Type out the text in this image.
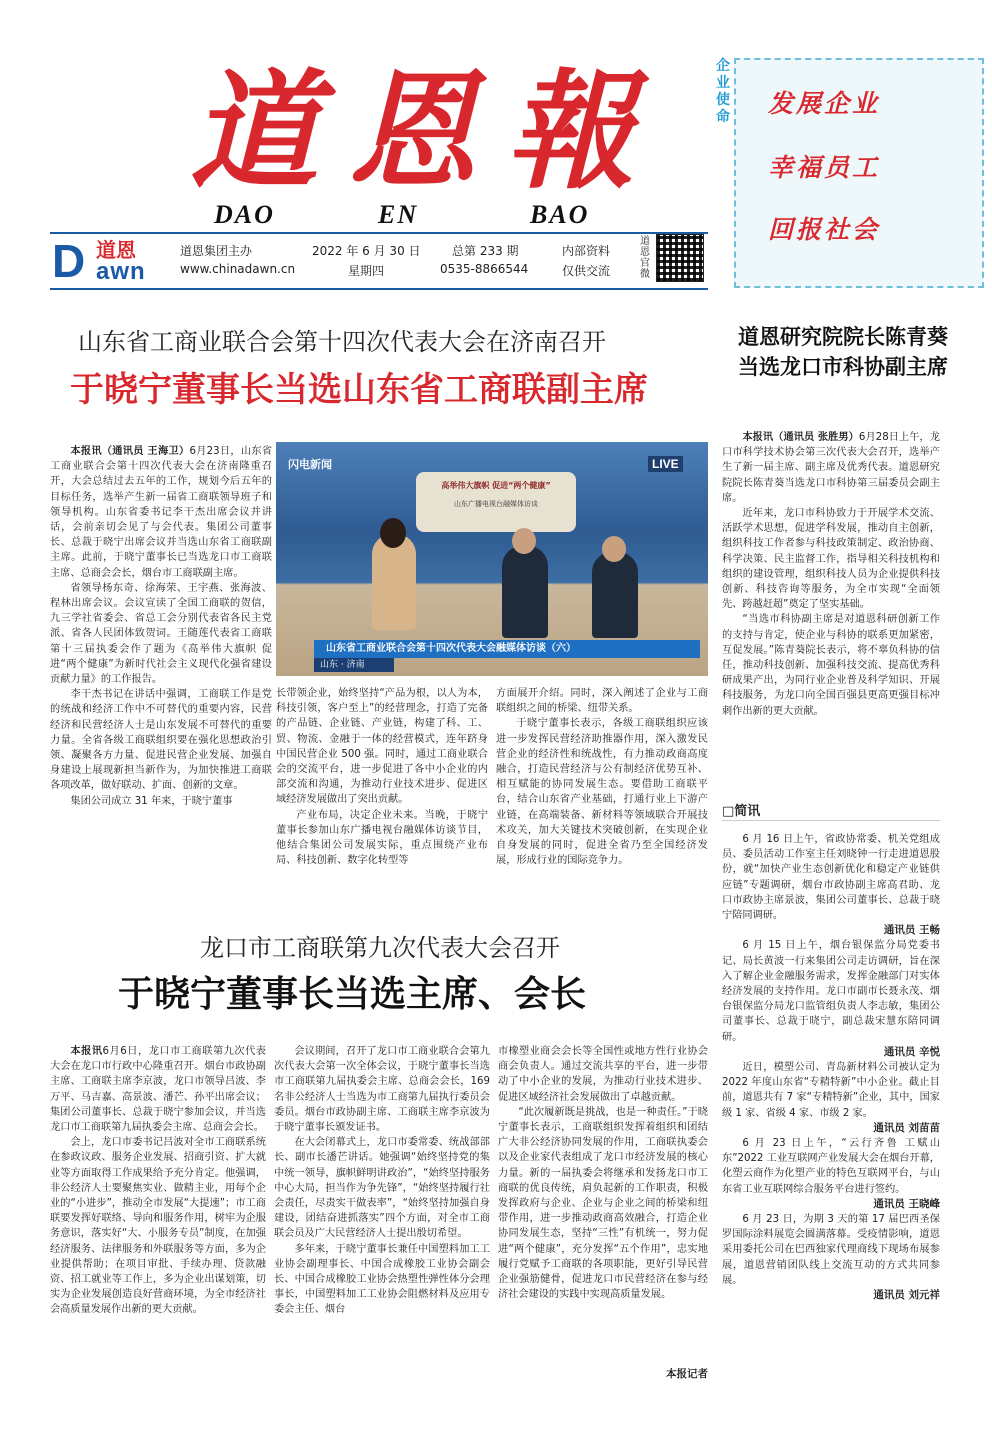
道恩報
DAO	EN	BAO
企业使命 发展企业
幸福员工
回报社会
D 道恩
awn
道恩集团主办
www.chinadawn.cn
2022 年 6 月 30 日
星期四
总第 233 期
0535-8866544
内部资料
仅供交流
道恩官微
山东省工商业联合会第十四次代表大会在济南召开
于晓宁董事长当选山东省工商联副主席

本报讯（通讯员 王海卫）6月23日，山东省工商业联合会第十四次代表大会在济南隆重召开，大会总结过去五年的工作，规划今后五年的目标任务，选举产生新一届省工商联领导班子和领导机构。山东省委书记李干杰出席会议并讲话，会前亲切会见了与会代表。集团公司董事长、总裁于晓宁出席会议并当选山东省工商联副主席。此前，于晓宁董事长已当选龙口市工商联主席、总商会会长，烟台市工商联副主席。

省领导杨东奇、徐海荣、王宇燕、张海波、程林出席会议。会议宣读了全国工商联的贺信，九三学社省委会、省总工会分别代表省各民主党派、省各人民团体致贺词。王随莲代表省工商联第十三届执委会作了题为《高举伟大旗帜 促进“两个健康”为新时代社会主义现代化强省建设贡献力量》的工作报告。

李干杰书记在讲话中强调，工商联工作是党的统战和经济工作中不可替代的重要内容，民营经济和民营经济人士是山东发展不可替代的重要力量。全省各级工商联组织要在强化思想政治引领、凝聚各方力量、促进民营企业发展、加强自身建设上展现新担当新作为，为加快推进工商联各项改革，做好联动、扩面、创新的文章。

集团公司成立 31 年来，于晓宁董事

闪电新闻	LIVE
高举伟大旗帜 促进“两个健康”
山东广播电视台融媒体访谈
山东省工商业联合会第十四次代表大会融媒体访谈（六）
山东 · 济南

长带领企业，始终坚持“产品为根，以人为本，科技引领，客户至上”的经营理念，打造了完备的产品链、企业链、产业链，构建了科、工、贸、物流、金融于一体的经营模式，连年跻身中国民营企业 500 强。同时，通过工商业联合会的交流平台，进一步促进了各中小企业的内部交流和沟通，为推动行业技术进步、促进区域经济发展做出了突出贡献。

产业布局，决定企业未来。当晚，于晓宁董事长参加山东广播电视台融媒体访谈节目，他结合集团公司发展实际，重点围绕产业布局、科技创新、数字化转型等

方面展开介绍。同时，深入阐述了企业与工商联组织之间的桥梁、纽带关系。

于晓宁董事长表示，各级工商联组织应该进一步发挥民营经济助推器作用，深入激发民营企业的经济性和统战性，有力推动政商高度融合，打造民营经济与公有制经济优势互补、相互赋能的协同发展生态。要借助工商联平台，结合山东省产业基础，打通行业上下游产业链，在高端装备、新材料等领域联合开展技术攻关，加大关键技术突破创新，在实现企业自身发展的同时，促进全省乃至全国经济发展，形成行业的国际竞争力。

道恩研究院院长陈青葵
当选龙口市科协副主席

本报讯（通讯员 张胜男）6月28日上午，龙口市科学技术协会第三次代表大会召开，选举产生了新一届主席、副主席及优秀代表。道恩研究院院长陈青葵当选龙口市科协第三届委员会副主席。

近年来，龙口市科协致力于开展学术交流、活跃学术思想，促进学科发展，推动自主创新，组织科技工作者参与科技政策制定、政治协商、科学决策、民主监督工作，指导相关科技机构和组织的建设管理，组织科技人员为企业提供科技创新、科技咨询等服务，为全市实现“全面领先、跨越赶超”奠定了坚实基础。

“当选市科协副主席是对道恩科研创新工作的支持与肯定，使企业与科协的联系更加紧密，互促发展。”陈青葵院长表示，将不辜负科协的信任，推动科技创新、加强科技交流、提高优秀科研成果产出，为同行业企业普及科学知识、开展科技服务，为龙口向全国百强县更高更强目标冲刺作出新的更大贡献。

□简讯

6 月 16 日上午，省政协常委、机关党组成员、委员活动工作室主任刘晓钟一行走进道恩股份，就“加快产业生态创新优化和稳定产业链供应链”专题调研，烟台市政协副主席高君助、龙口市政协主席景波，集团公司董事长、总裁于晓宁陪同调研。

通讯员 王畅

6 月 15 日上午，烟台银保监分局党委书记、局长黄波一行来集团公司走访调研，旨在深入了解企业金融服务需求，发挥金融部门对实体经济发展的支持作用。龙口市副市长聂永茂、烟台银保监分局龙口监管组负责人李志敏，集团公司董事长、总裁于晓宁，副总裁宋慧东陪同调研。

通讯员 辛悦

近日，模塑公司、青岛新材料公司被认定为 2022 年度山东省“专精特新”中小企业。截止目前，道恩共有 7 家“专精特新”企业，其中，国家级 1 家、省级 4 家、市级 2 家。

通讯员 刘苗苗

6 月 23 日上午，“云行齐鲁 工赋山东”2022 工业互联网产业发展大会在烟台开幕，化塑云商作为化塑产业的特色互联网平台，与山东省工业互联网综合服务平台进行签约。

通讯员 王晓峰

6 月 23 日，为期 3 天的第 17 届巴西圣保罗国际涂料展览会圆满落幕。受疫情影响，道恩采用委托公司在巴西独家代理商线下现场布展参展，道恩营销团队线上交流互动的方式共同参展。

通讯员 刘元祥
龙口市工商联第九次代表大会召开
于晓宁董事长当选主席、会长

本报讯6月6日，龙口市工商联第九次代表大会在龙口市行政中心隆重召开。烟台市政协副主席、工商联主席李京波，龙口市领导吕波、李万平、马吉嘉、高景波、潘芒、孙平出席会议；集团公司董事长、总裁于晓宁参加会议，并当选龙口市工商联第九届执委会主席、总商会会长。

会上，龙口市委书记吕波对全市工商联系统在参政议政、服务企业发展、招商引资、扩大就业等方面取得工作成果给予充分肯定。他强调，非公经济人士要聚焦实业、做精主业，用每个企业的“小进步”，推动全市发展“大提速”；市工商联要发挥好联络、导向和服务作用，树牢为企服务意识，落实好“大、小服务专员”制度，在加强经济服务、法律服务和外联服务等方面，多为企业提供帮助；在项目审批、手续办理、贷款融资、招工就业等工作上，多为企业出谋划策，切实为企业发展创造良好营商环境，为全市经济社会高质量发展作出新的更大贡献。

会议期间，召开了龙口市工商业联合会第九次代表大会第一次全体会议，于晓宁董事长当选市工商联第九届执委会主席、总商会会长，169 名非公经济人士当选为市工商第九届执行委员会委员。烟台市政协副主席、工商联主席李京波为于晓宁董事长颁发证书。

在大会闭幕式上，龙口市委常委、统战部部长、副市长潘芒讲话。她强调“始终坚持党的集中统一领导，旗帜鲜明讲政治”，“始终坚持服务中心大局，担当作为争先锋”，“始终坚持履行社会责任，尽责实干做表率”，“始终坚持加强自身建设，团结奋进抓落实”四个方面，对全市工商联会员及广大民营经济人士提出殷切希望。

多年来，于晓宁董事长兼任中国塑料加工工业协会副理事长、中国合成橡胶工业协会副会长、中国合成橡胶工业协会热塑性弹性体分会理事长，中国塑料加工工业协会阻燃材料及应用专委会主任、烟台

市橡塑业商会会长等全国性或地方性行业协会商会负责人。通过交流共享的平台，进一步带动了中小企业的发展，为推动行业技术进步、促进区域经济社会发展做出了卓越贡献。

“此次履新既是挑战，也是一种责任。”于晓宁董事长表示，工商联组织发挥着组织和团结广大非公经济协同发展的作用，工商联执委会以及企业家代表组成了龙口市经济发展的核心力量。新的一届执委会将继承和发扬龙口市工商联的优良传统，肩负起新的工作职责，积极发挥政府与企业、企业与企业之间的桥梁和纽带作用，进一步推动政商高效融合，打造企业协同发展生态，坚持“三性”有机统一，努力促进“两个健康”，充分发挥“五个作用”，忠实地履行党赋予工商联的各项职能，更好引导民营企业强筋健骨，促进龙口市民营经济在参与经济社会建设的实践中实现高质量发展。

本报记者
